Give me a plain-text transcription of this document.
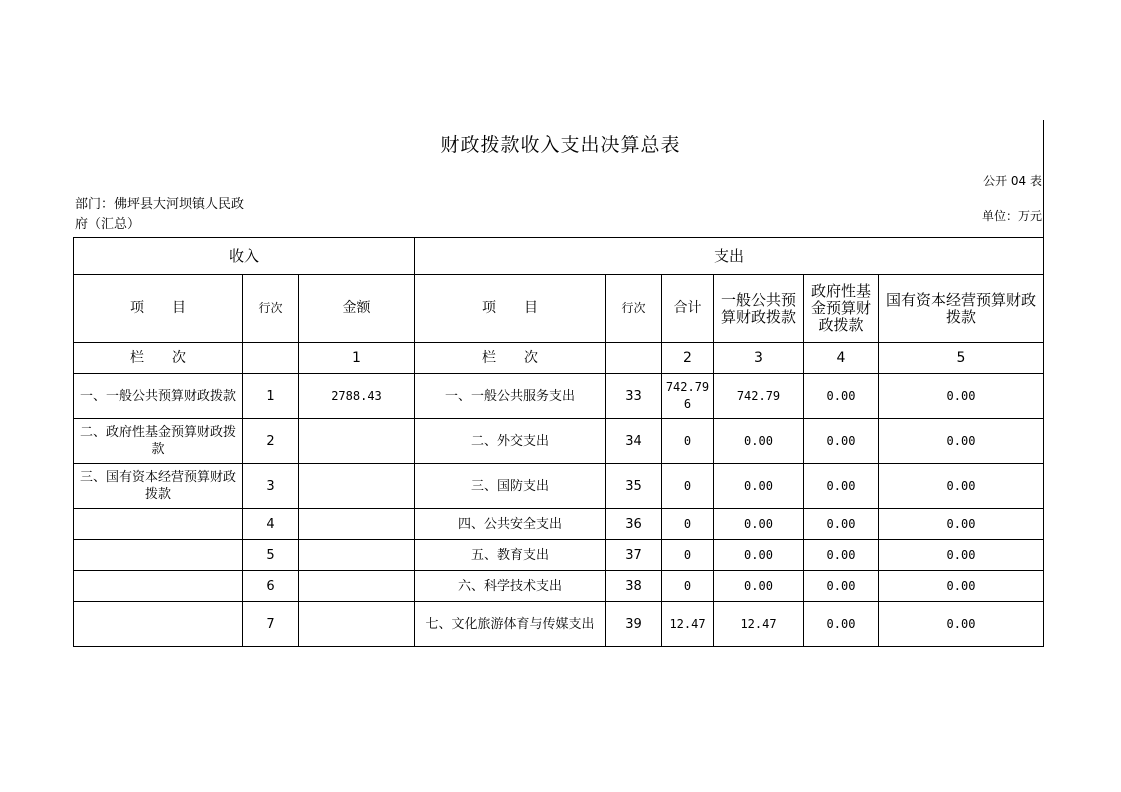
财政拨款收入支出决算总表
公开 04 表
部门：佛坪县大河坝镇人民政府（汇总）
单位：万元
收入			支出					
项　　目	行次	金额	项　　目	行次	合计	一般公共预算财政拨款	政府性基金预算财政拨款	国有资本经营预算财政拨款
栏　　次		1	栏　　次		2	3	4	5
一、一般公共预算财政拨款	1	2788.43	一、一般公共服务支出	33	742.796	742.79	0.00	0.00
二、政府性基金预算财政拨款	2		二、外交支出	34	0	0.00	0.00	0.00
三、国有资本经营预算财政拨款	3		三、国防支出	35	0	0.00	0.00	0.00
	4		四、公共安全支出	36	0	0.00	0.00	0.00
	5		五、教育支出	37	0	0.00	0.00	0.00
	6		六、科学技术支出	38	0	0.00	0.00	0.00
	7		七、文化旅游体育与传媒支出	39	12.47	12.47	0.00	0.00
